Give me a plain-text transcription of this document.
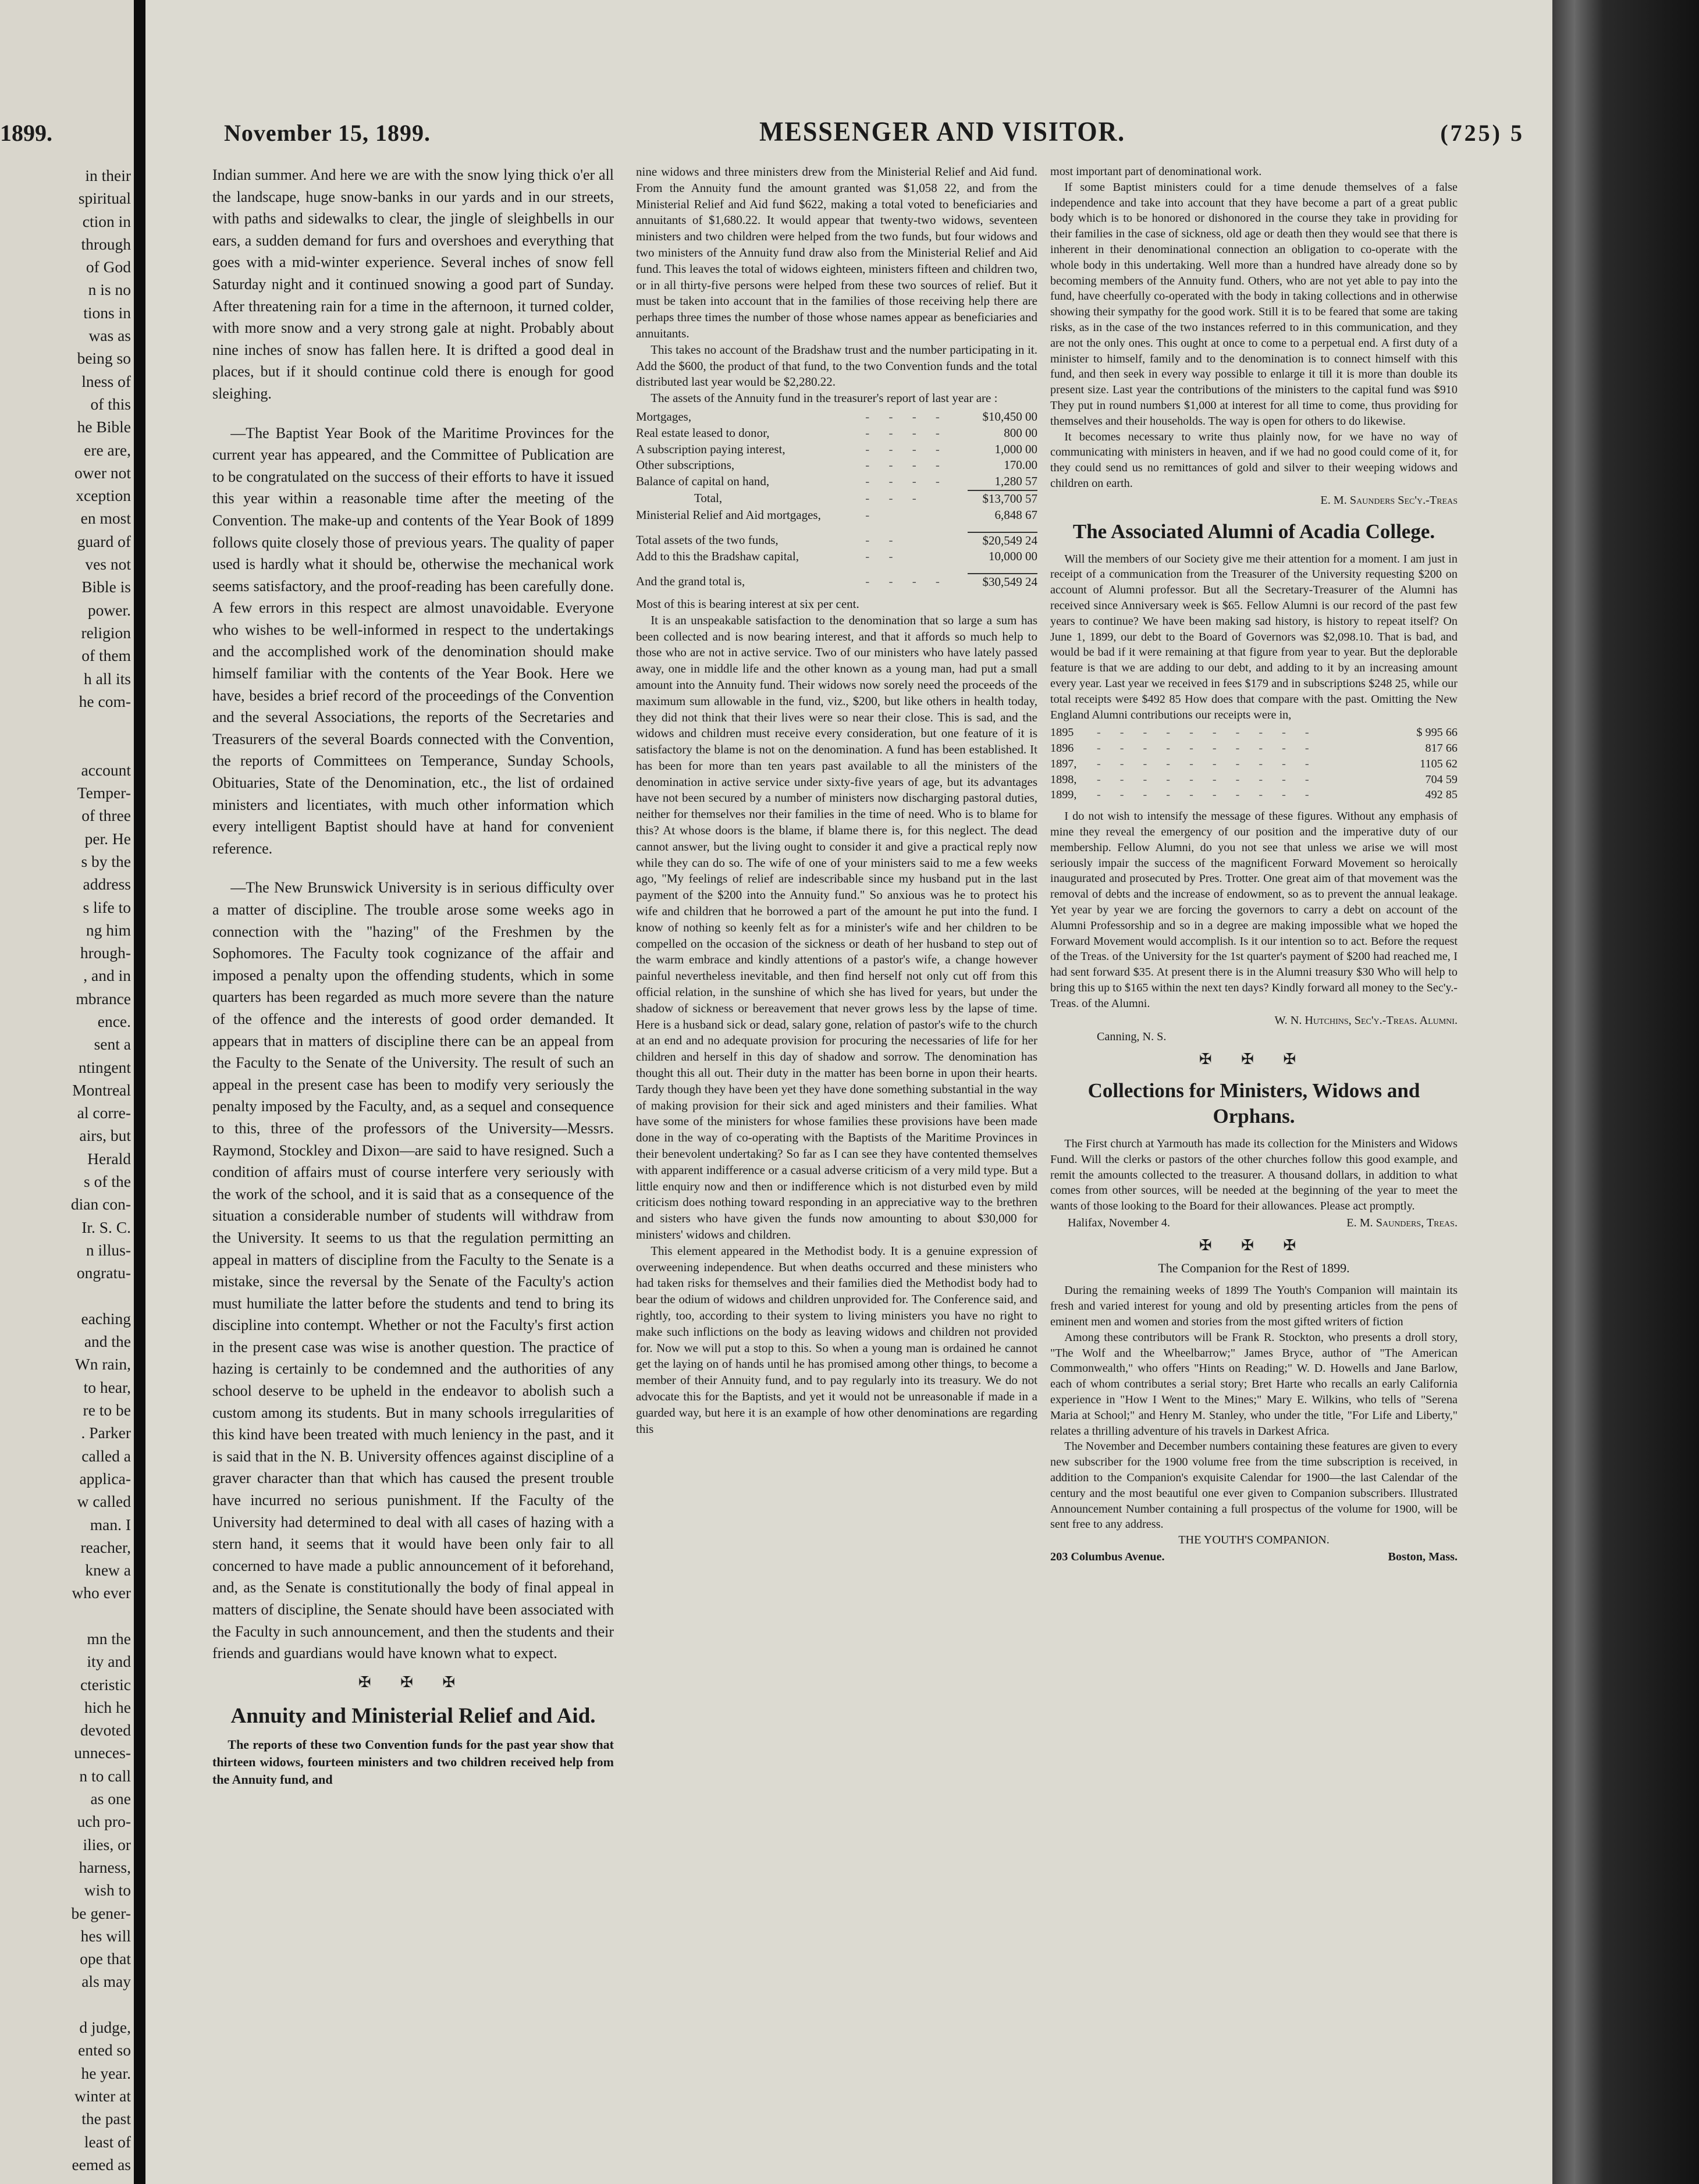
1899.
in their
spiritual
ction in
through
of God
n is no
tions in
was as
being so
lness of
of this
he Bible
ere are,
ower not
xception
en most
guard of
ves not
Bible is
power.
religion
of them
h all its
he com-
account
Temper-
of three
per. He
s by the
address
s life to
ng him
hrough-
, and in
mbrance
ence.
sent a
ntingent
Montreal
al corre-
airs, but
Herald
s of the
dian con-
Ir. S. C.
n illus-
ongratu-
eaching
and the
Wn rain,
to hear,
re to be
. Parker
called a
applica-
w called
man. I
reacher,
knew a
who ever
mn the
ity and
cteristic
hich he
devoted
unneces-
n to call
as one
uch pro-
ilies, or
harness,
wish to
be gener-
hes will
ope that
als may
d judge,
ented so
he year.
winter at
the past
least of
eemed as
November 15, 1899.	MESSENGER AND VISITOR.	(725) 5

Indian summer. And here we are with the snow lying thick o'er all the landscape, huge snow-banks in our yards and in our streets, with paths and sidewalks to clear, the jingle of sleighbells in our ears, a sudden demand for furs and overshoes and everything that goes with a mid-winter experience. Several inches of snow fell Saturday night and it continued snowing a good part of Sunday. After threatening rain for a time in the afternoon, it turned colder, with more snow and a very strong gale at night. Probably about nine inches of snow has fallen here. It is drifted a good deal in places, but if it should continue cold there is enough for good sleighing.

—The Baptist Year Book of the Maritime Provinces for the current year has appeared, and the Committee of Publication are to be congratulated on the success of their efforts to have it issued this year within a reasonable time after the meeting of the Convention. The make-up and contents of the Year Book of 1899 follows quite closely those of previous years. The quality of paper used is hardly what it should be, otherwise the mechanical work seems satisfactory, and the proof-reading has been carefully done. A few errors in this respect are almost unavoidable. Everyone who wishes to be well-informed in respect to the undertakings and the accomplished work of the denomination should make himself familiar with the contents of the Year Book. Here we have, besides a brief record of the proceedings of the Convention and the several Associations, the reports of the Secretaries and Treasurers of the several Boards connected with the Convention, the reports of Committees on Temperance, Sunday Schools, Obituaries, State of the Denomination, etc., the list of ordained ministers and licentiates, with much other information which every intelligent Baptist should have at hand for convenient reference.

—The New Brunswick University is in serious difficulty over a matter of discipline. The trouble arose some weeks ago in connection with the "hazing" of the Freshmen by the Sophomores. The Faculty took cognizance of the affair and imposed a penalty upon the offending students, which in some quarters has been regarded as much more severe than the nature of the offence and the interests of good order demanded. It appears that in matters of discipline there can be an appeal from the Faculty to the Senate of the University. The result of such an appeal in the present case has been to modify very seriously the penalty imposed by the Faculty, and, as a sequel and consequence to this, three of the professors of the University—Messrs. Raymond, Stockley and Dixon—are said to have resigned. Such a condition of affairs must of course interfere very seriously with the work of the school, and it is said that as a consequence of the situation a considerable number of students will withdraw from the University. It seems to us that the regulation permitting an appeal in matters of discipline from the Faculty to the Senate is a mistake, since the reversal by the Senate of the Faculty's action must humiliate the latter before the students and tend to bring its discipline into contempt. Whether or not the Faculty's first action in the present case was wise is another question. The practice of hazing is certainly to be condemned and the authorities of any school deserve to be upheld in the endeavor to abolish such a custom among its students. But in many schools irregularities of this kind have been treated with much leniency in the past, and it is said that in the N. B. University offences against discipline of a graver character than that which has caused the present trouble have incurred no serious punishment. If the Faculty of the University had determined to deal with all cases of hazing with a stern hand, it seems that it would have been only fair to all concerned to have made a public announcement of it beforehand, and, as the Senate is constitutionally the body of final appeal in matters of discipline, the Senate should have been associated with the Faculty in such announcement, and then the students and their friends and guardians would have known what to expect.

✠ ✠ ✠
Annuity and Ministerial Relief and Aid.

The reports of these two Convention funds for the past year show that thirteen widows, fourteen ministers and two children received help from the Annuity fund, and

nine widows and three ministers drew from the Ministerial Relief and Aid fund. From the Annuity fund the amount granted was $1,058 22, and from the Ministerial Relief and Aid fund $622, making a total voted to beneficiaries and annuitants of $1,680.22. It would appear that twenty-two widows, seventeen ministers and two children were helped from the two funds, but four widows and two ministers of the Annuity fund draw also from the Ministerial Relief and Aid fund. This leaves the total of widows eighteen, ministers fifteen and children two, or in all thirty-five persons were helped from these two sources of relief. But it must be taken into account that in the families of those receiving help there are perhaps three times the number of those whose names appear as beneficiaries and annuitants.

This takes no account of the Bradshaw trust and the number participating in it. Add the $600, the product of that fund, to the two Convention funds and the total distributed last year would be $2,280.22.

The assets of the Annuity fund in the treasurer's report of last year are :

Mortgages,	- - - -	$10,450 00
Real estate leased to donor,	- - - -	800 00
A subscription paying interest,	- - - -	1,000 00
Other subscriptions,	- - - -	170.00
Balance of capital on hand,	- - - -	1,280 57
Total,	- - -	$13,700 57
Ministerial Relief and Aid mortgages,	-	6,848 67

Total assets of the two funds,	- -	$20,549 24
Add to this the Bradshaw capital,	- -	10,000 00

And the grand total is,	- - - -	$30,549 24

Most of this is bearing interest at six per cent.

It is an unspeakable satisfaction to the denomination that so large a sum has been collected and is now bearing interest, and that it affords so much help to those who are not in active service. Two of our ministers who have lately passed away, one in middle life and the other known as a young man, had put a small amount into the Annuity fund. Their widows now sorely need the proceeds of the maximum sum allowable in the fund, viz., $200, but like others in health today, they did not think that their lives were so near their close. This is sad, and the widows and children must receive every consideration, but one feature of it is satisfactory the blame is not on the denomination. A fund has been established. It has been for more than ten years past available to all the ministers of the denomination in active service under sixty-five years of age, but its advantages have not been secured by a number of ministers now discharging pastoral duties, neither for themselves nor their families in the time of need. Who is to blame for this? At whose doors is the blame, if blame there is, for this neglect. The dead cannot answer, but the living ought to consider it and give a practical reply now while they can do so. The wife of one of your ministers said to me a few weeks ago, "My feelings of relief are indescribable since my husband put in the last payment of the $200 into the Annuity fund." So anxious was he to protect his wife and children that he borrowed a part of the amount he put into the fund. I know of nothing so keenly felt as for a minister's wife and her children to be compelled on the occasion of the sickness or death of her husband to step out of the warm embrace and kindly attentions of a pastor's wife, a change however painful nevertheless inevitable, and then find herself not only cut off from this official relation, in the sunshine of which she has lived for years, but under the shadow of sickness or bereavement that never grows less by the lapse of time. Here is a husband sick or dead, salary gone, relation of pastor's wife to the church at an end and no adequate provision for procuring the necessaries of life for her children and herself in this day of shadow and sorrow. The denomination has thought this all out. Their duty in the matter has been borne in upon their hearts. Tardy though they have been yet they have done something substantial in the way of making provision for their sick and aged ministers and their families. What have some of the ministers for whose families these provisions have been made done in the way of co-operating with the Baptists of the Maritime Provinces in their benevolent undertaking? So far as I can see they have contented themselves with apparent indifference or a casual adverse criticism of a very mild type. But a little enquiry now and then or indifference which is not disturbed even by mild criticism does nothing toward responding in an appreciative way to the brethren and sisters who have given the funds now amounting to about $30,000 for ministers' widows and children.

This element appeared in the Methodist body. It is a genuine expression of overweening independence. But when deaths occurred and these ministers who had taken risks for themselves and their families died the Methodist body had to bear the odium of widows and children unprovided for. The Conference said, and rightly, too, according to their system to living ministers you have no right to make such inflictions on the body as leaving widows and children not provided for. Now we will put a stop to this. So when a young man is ordained he cannot get the laying on of hands until he has promised among other things, to become a member of their Annuity fund, and to pay regularly into its treasury. We do not advocate this for the Baptists, and yet it would not be unreasonable if made in a guarded way, but here it is an example of how other denominations are regarding this

most important part of denominational work.

If some Baptist ministers could for a time denude themselves of a false independence and take into account that they have become a part of a great public body which is to be honored or dishonored in the course they take in providing for their families in the case of sickness, old age or death then they would see that there is inherent in their denominational connection an obligation to co-operate with the whole body in this undertaking. Well more than a hundred have already done so by becoming members of the Annuity fund. Others, who are not yet able to pay into the fund, have cheerfully co-operated with the body in taking collections and in otherwise showing their sympathy for the good work. Still it is to be feared that some are taking risks, as in the case of the two instances referred to in this communication, and they are not the only ones. This ought at once to come to a perpetual end. A first duty of a minister to himself, family and to the denomination is to connect himself with this fund, and then seek in every way possible to enlarge it till it is more than double its present size. Last year the contributions of the ministers to the capital fund was $910 They put in round numbers $1,000 at interest for all time to come, thus providing for themselves and their households. The way is open for others to do likewise.

It becomes necessary to write thus plainly now, for we have no way of communicating with ministers in heaven, and if we had no good could come of it, for they could send us no remittances of gold and silver to their weeping widows and children on earth.

E. M. Saunders Sec'y.-Treas
The Associated Alumni of Acadia College.

Will the members of our Society give me their attention for a moment. I am just in receipt of a communication from the Treasurer of the University requesting $200 on account of Alumni professor. But all the Secretary-Treasurer of the Alumni has received since Anniversary week is $65. Fellow Alumni is our record of the past few years to continue? We have been making sad history, is history to repeat itself? On June 1, 1899, our debt to the Board of Governors was $2,098.10. That is bad, and would be bad if it were remaining at that figure from year to year. But the deplorable feature is that we are adding to our debt, and adding to it by an increasing amount every year. Last year we received in fees $179 and in subscriptions $248 25, while our total receipts were $492 85 How does that compare with the past. Omitting the New England Alumni contributions our receipts were in,

1895	- - - - - - - - - -	$ 995 66
1896	- - - - - - - - - -	817 66
1897,	- - - - - - - - - -	1105 62
1898,	- - - - - - - - - -	704 59
1899,	- - - - - - - - - -	492 85

I do not wish to intensify the message of these figures. Without any emphasis of mine they reveal the emergency of our position and the imperative duty of our membership. Fellow Alumni, do you not see that unless we arise we will most seriously impair the success of the magnificent Forward Movement so heroically inaugurated and prosecuted by Pres. Trotter. One great aim of that movement was the removal of debts and the increase of endowment, so as to prevent the annual leakage. Yet year by year we are forcing the governors to carry a debt on account of the Alumni Professorship and so in a degree are making impossible what we hoped the Forward Movement would accomplish. Is it our intention so to act. Before the request of the Treas. of the University for the 1st quarter's payment of $200 had reached me, I had sent forward $35. At present there is in the Alumni treasury $30 Who will help to bring this up to $165 within the next ten days? Kindly forward all money to the Sec'y.-Treas. of the Alumni.

W. N. Hutchins, Sec'y.-Treas. Alumni.
Canning, N. S.
✠ ✠ ✠
Collections for Ministers, Widows and Orphans.

The First church at Yarmouth has made its collection for the Ministers and Widows Fund. Will the clerks or pastors of the other churches follow this good example, and remit the amounts collected to the treasurer. A thousand dollars, in addition to what comes from other sources, will be needed at the beginning of the year to meet the wants of those looking to the Board for their allowances. Please act promptly.

Halifax, November 4.	E. M. Saunders, Treas.
✠ ✠ ✠
The Companion for the Rest of 1899.

During the remaining weeks of 1899 The Youth's Companion will maintain its fresh and varied interest for young and old by presenting articles from the pens of eminent men and women and stories from the most gifted writers of fiction

Among these contributors will be Frank R. Stockton, who presents a droll story, "The Wolf and the Wheelbarrow;" James Bryce, author of "The American Commonwealth," who offers "Hints on Reading;" W. D. Howells and Jane Barlow, each of whom contributes a serial story; Bret Harte who recalls an early California experience in "How I Went to the Mines;" Mary E. Wilkins, who tells of "Serena Maria at School;" and Henry M. Stanley, who under the title, "For Life and Liberty," relates a thrilling adventure of his travels in Darkest Africa.

The November and December numbers containing these features are given to every new subscriber for the 1900 volume free from the time subscription is received, in addition to the Companion's exquisite Calendar for 1900—the last Calendar of the century and the most beautiful one ever given to Companion subscribers. Illustrated Announcement Number containing a full prospectus of the volume for 1900, will be sent free to any address.

THE YOUTH'S COMPANION.
203 Columbus Avenue.	Boston, Mass.
